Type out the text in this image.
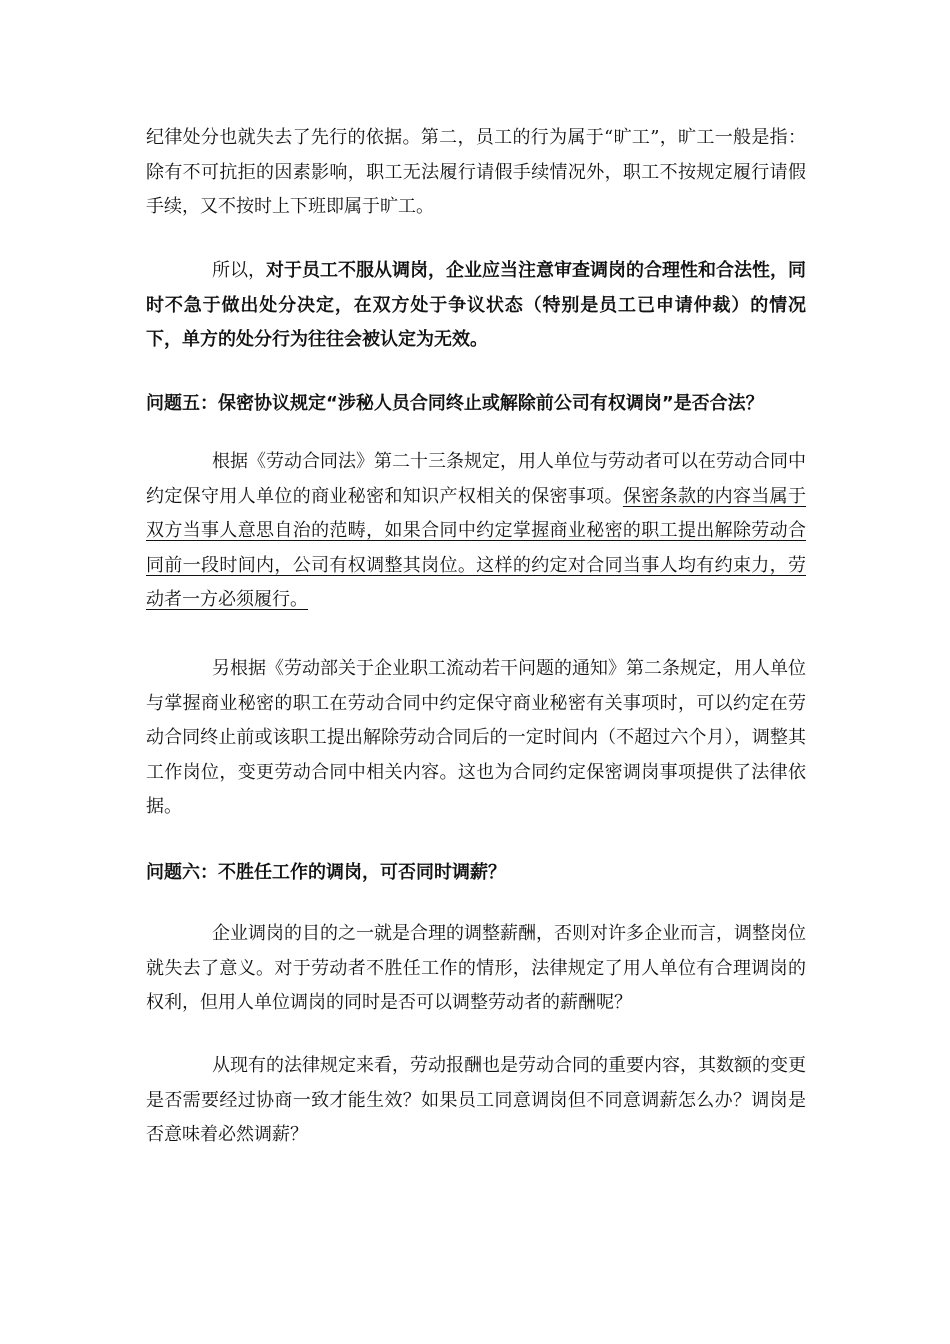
纪律处分也就失去了先行的依据。第二，员工的行为属于“旷工”，旷工一般是指：除有不可抗拒的因素影响，职工无法履行请假手续情况外，职工不按规定履行请假手续，又不按时上下班即属于旷工。

所以，对于员工不服从调岗，企业应当注意审查调岗的合理性和合法性，同时不急于做出处分决定，在双方处于争议状态（特别是员工已申请仲裁）的情况下，单方的处分行为往往会被认定为无效。

问题五：保密协议规定“涉秘人员合同终止或解除前公司有权调岗”是否合法？

根据《劳动合同法》第二十三条规定，用人单位与劳动者可以在劳动合同中约定保守用人单位的商业秘密和知识产权相关的保密事项。保密条款的内容当属于双方当事人意思自治的范畴，如果合同中约定掌握商业秘密的职工提出解除劳动合同前一段时间内，公司有权调整其岗位。这样的约定对合同当事人均有约束力，劳动者一方必须履行。

另根据《劳动部关于企业职工流动若干问题的通知》第二条规定，用人单位与掌握商业秘密的职工在劳动合同中约定保守商业秘密有关事项时，可以约定在劳动合同终止前或该职工提出解除劳动合同后的一定时间内（不超过六个月），调整其工作岗位，变更劳动合同中相关内容。这也为合同约定保密调岗事项提供了法律依据。

问题六：不胜任工作的调岗，可否同时调薪？

企业调岗的目的之一就是合理的调整薪酬，否则对许多企业而言，调整岗位就失去了意义。对于劳动者不胜任工作的情形，法律规定了用人单位有合理调岗的权利，但用人单位调岗的同时是否可以调整劳动者的薪酬呢？

从现有的法律规定来看，劳动报酬也是劳动合同的重要内容，其数额的变更是否需要经过协商一致才能生效？如果员工同意调岗但不同意调薪怎么办？调岗是否意味着必然调薪？
